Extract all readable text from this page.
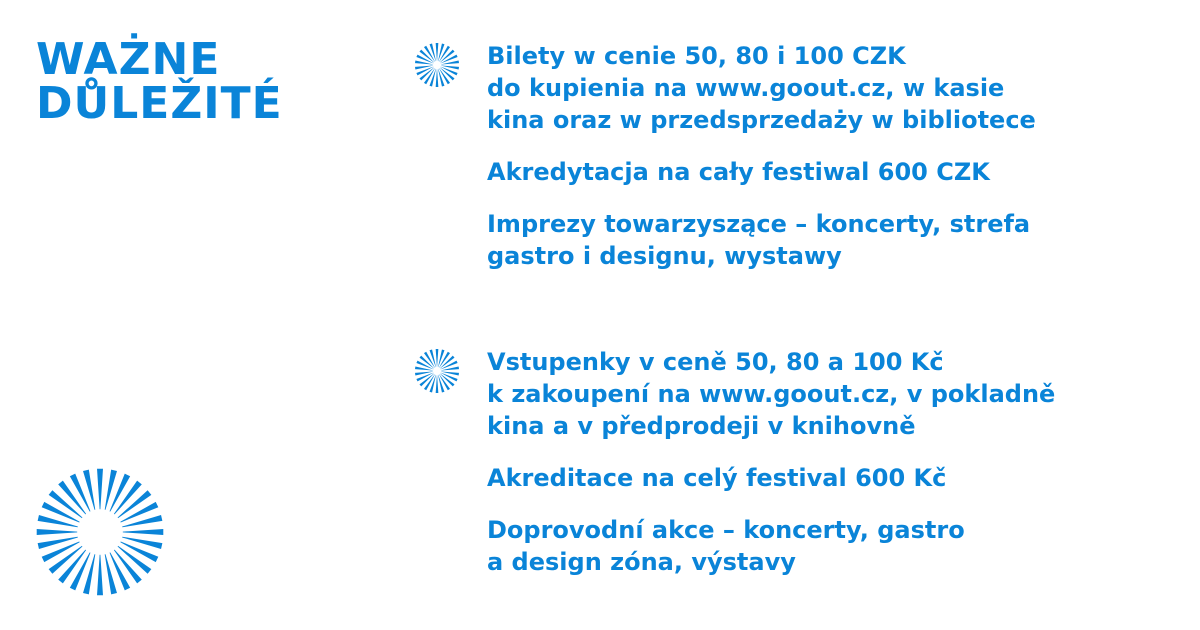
WAŻNE
DŮLEŽITÉ

Bilety w cenie 50, 80 i 100 CZK
do kupienia na www.goout.cz, w kasie
kina oraz w przedsprzedaży w bibliotece

Akredytacja na cały festiwal 600 CZK

Imprezy towarzyszące – koncerty, strefa
gastro i designu, wystawy

Vstupenky v ceně 50, 80 a 100 Kč
k zakoupení na www.goout.cz, v pokladně
kina a v předprodeji v knihovně

Akreditace na celý festival 600 Kč

Doprovodní akce – koncerty, gastro
a design zóna, výstavy
